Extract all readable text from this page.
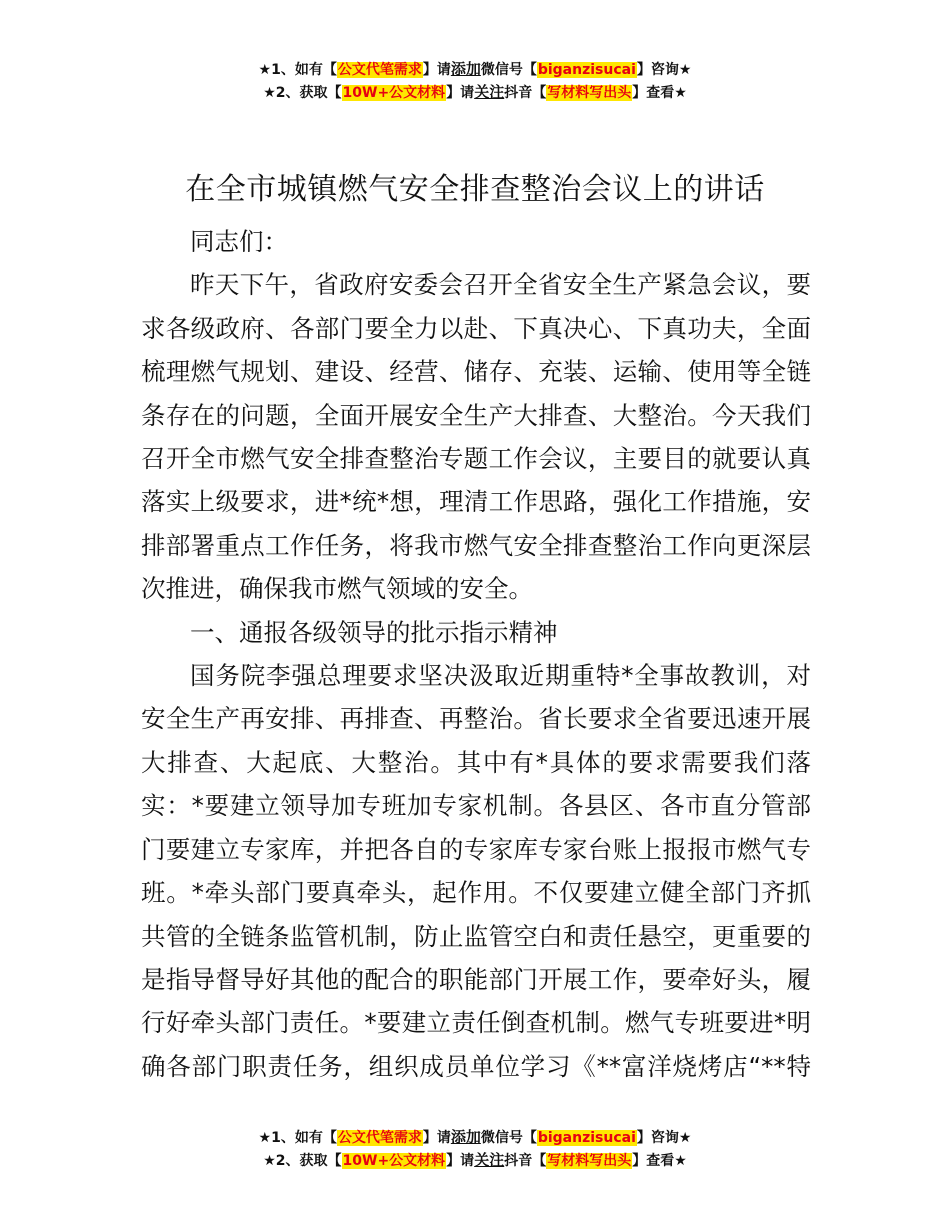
★1、如有【公文代笔需求】请添加微信号【biganzisucai】咨询★
★2、获取【10W+公文材料】请关注抖音【写材料写出头】查看★
在全市城镇燃气安全排查整治会议上的讲话

同志们：

昨天下午，省政府安委会召开全省安全生产紧急会议，要求各级政府、各部门要全力以赴、下真决心、下真功夫，全面梳理燃气规划、建设、经营、储存、充装、运输、使用等全链条存在的问题，全面开展安全生产大排查、大整治。今天我们召开全市燃气安全排查整治专题工作会议，主要目的就要认真落实上级要求，进*统*想，理清工作思路，强化工作措施，安排部署重点工作任务，将我市燃气安全排查整治工作向更深层次推进，确保我市燃气领域的安全。

一、通报各级领导的批示指示精神

国务院李强总理要求坚决汲取近期重特*全事故教训，对安全生产再安排、再排查、再整治。省长要求全省要迅速开展大排查、大起底、大整治。其中有*具体的要求需要我们落实：*要建立领导加专班加专家机制。各县区、各市直分管部门要建立专家库，并把各自的专家库专家台账上报报市燃气专班。*牵头部门要真牵头，起作用。不仅要建立健全部门齐抓共管的全链条监管机制，防止监管空白和责任悬空，更重要的是指导督导好其他的配合的职能部门开展工作，要牵好头，履行好牵头部门责任。*要建立责任倒查机制。燃气专班要进*明确各部门职责任务，组织成员单位学习《**富洋烧烤店“**特

★1、如有【公文代笔需求】请添加微信号【biganzisucai】咨询★
★2、获取【10W+公文材料】请关注抖音【写材料写出头】查看★
